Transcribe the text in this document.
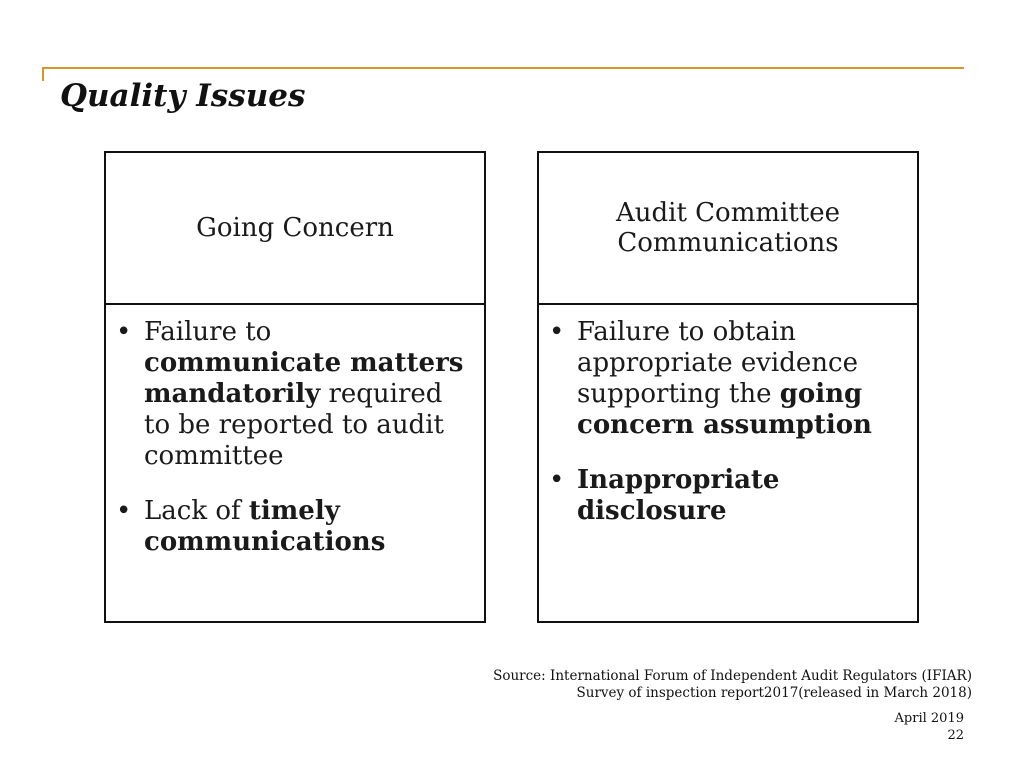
Quality Issues
Going Concern
• Failure to communicate matters mandatorily required to be reported to audit committee
• Lack of timely communications
Audit Committee Communications
• Failure to obtain appropriate evidence supporting the going concern assumption
• Inappropriate disclosure
Source: International Forum of Independent Audit Regulators (IFIAR)
Survey of inspection report2017(released in March 2018)
April 2019
22
